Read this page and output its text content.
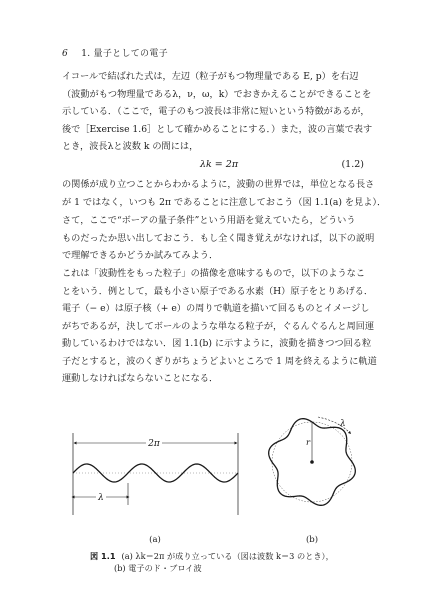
6 1. 量子としての電子

イコールで結ばれた式は，左辺（粒子がもつ物理量である E, p）を右辺
（波動がもつ物理量であるλ，ν，ω，k）でおきかえることができることを
示している．（ここで，電子のもつ波長は非常に短いという特徴があるが，
後で［Exercise 1.6］として確かめることにする．）また，波の言葉で表す
とき，波長λと波数 k の間には，

λk = 2π	(1.2)

の関係が成り立つことからわかるように，波動の世界では，単位となる長さ
が 1 ではなく，いつも 2π であることに注意しておこう（図 1.1(a) を見よ）．

さて，ここで“ボーアの量子条件”という用語を覚えていたら，どういう
ものだったか思い出しておこう．もし全く聞き覚えがなければ，以下の説明
で理解できるかどうか試みてみよう．

これは「波動性をもった粒子」の描像を意味するもので，以下のようなこ
とをいう．例として，最も小さい原子である水素（H）原子をとりあげる．
電子（− e）は原子核（+ e）の周りで軌道を描いて回るものとイメージし
がちであるが，決してボールのような単なる粒子が，ぐるんぐるんと周回運
動しているわけではない．図 1.1(b) に示すように，波動を描きつつ回る粒
子だとすると，波のくぎりがちょうどよいところで 1 周を終えるように軌道
運動しなければならないことになる．

2π
λ
(a)
r
λ
(b)
図 1.1 (a) λk＝2π が成り立っている（図は波数 k＝3 のとき），
(b) 電子のド・ブロイ波
